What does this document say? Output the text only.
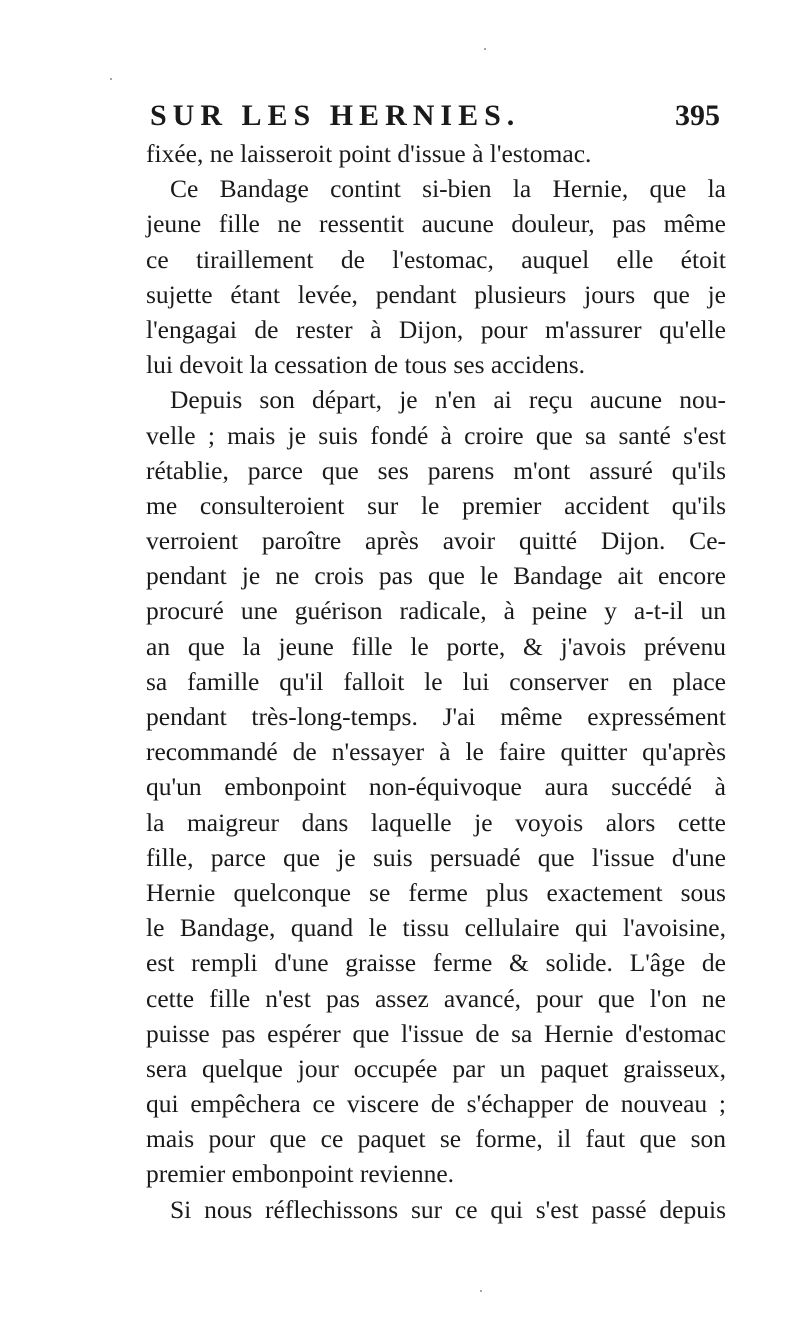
SUR LES HERNIES.	395
fixée, ne laisseroit point d'issue à l'estomac.
Ce Bandage contint si-bien la Hernie, que la
jeune fille ne ressentit aucune douleur, pas même
ce tiraillement de l'estomac, auquel elle étoit
sujette étant levée, pendant plusieurs jours que je
l'engagai de rester à Dijon, pour m'assurer qu'elle
lui devoit la cessation de tous ses accidens.
Depuis son départ, je n'en ai reçu aucune nou-
velle ; mais je suis fondé à croire que sa santé s'est
rétablie, parce que ses parens m'ont assuré qu'ils
me consulteroient sur le premier accident qu'ils
verroient paroître après avoir quitté Dijon. Ce-
pendant je ne crois pas que le Bandage ait encore
procuré une guérison radicale, à peine y a-t-il un
an que la jeune fille le porte, & j'avois prévenu
sa famille qu'il falloit le lui conserver en place
pendant très-long-temps. J'ai même expressément
recommandé de n'essayer à le faire quitter qu'après
qu'un embonpoint non-équivoque aura succédé à
la maigreur dans laquelle je voyois alors cette
fille, parce que je suis persuadé que l'issue d'une
Hernie quelconque se ferme plus exactement sous
le Bandage, quand le tissu cellulaire qui l'avoisine,
est rempli d'une graisse ferme & solide. L'âge de
cette fille n'est pas assez avancé, pour que l'on ne
puisse pas espérer que l'issue de sa Hernie d'estomac
sera quelque jour occupée par un paquet graisseux,
qui empêchera ce viscere de s'échapper de nouveau ;
mais pour que ce paquet se forme, il faut que son
premier embonpoint revienne.
Si nous réflechissons sur ce qui s'est passé depuis
